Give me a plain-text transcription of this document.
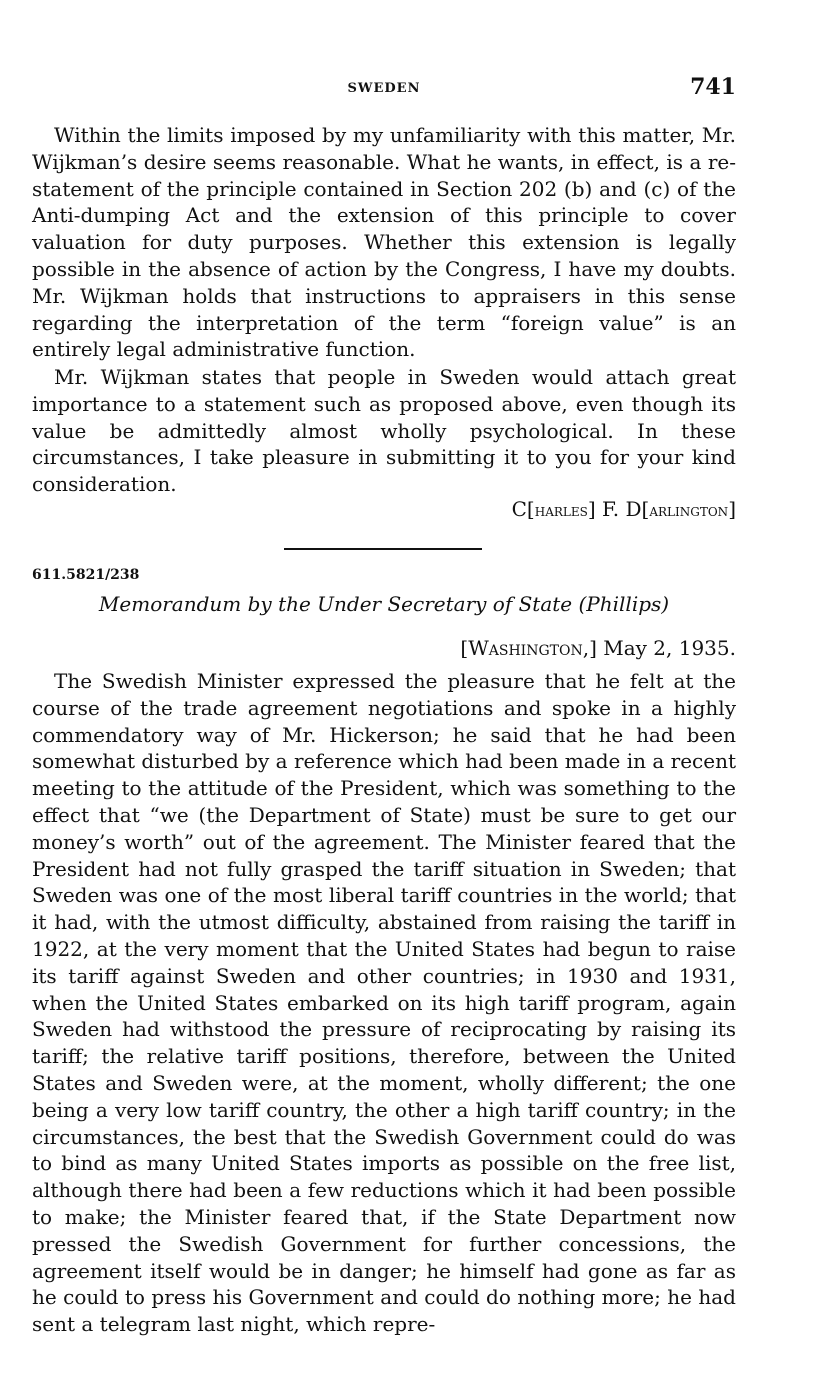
SWEDEN	741

Within the limits imposed by my unfamiliarity with this matter, Mr. Wijkman’s desire seems reasonable. What he wants, in effect, is a re-statement of the principle contained in Section 202 (b) and (c) of the Anti-dumping Act and the extension of this principle to cover valuation for duty purposes. Whether this extension is legally possible in the absence of action by the Congress, I have my doubts. Mr. Wijkman holds that instructions to appraisers in this sense regarding the interpretation of the term “foreign value” is an entirely legal administrative function.

Mr. Wijkman states that people in Sweden would attach great importance to a statement such as proposed above, even though its value be admittedly almost wholly psychological. In these circumstances, I take pleasure in submitting it to you for your kind consideration.

C[harles] F. D[arlington]
611.5821/238
Memorandum by the Under Secretary of State (Phillips)
[Washington,] May 2, 1935.

The Swedish Minister expressed the pleasure that he felt at the course of the trade agreement negotiations and spoke in a highly commendatory way of Mr. Hickerson; he said that he had been somewhat disturbed by a reference which had been made in a recent meeting to the attitude of the President, which was something to the effect that “we (the Department of State) must be sure to get our money’s worth” out of the agreement. The Minister feared that the President had not fully grasped the tariff situation in Sweden; that Sweden was one of the most liberal tariff countries in the world; that it had, with the utmost difficulty, abstained from raising the tariff in 1922, at the very moment that the United States had begun to raise its tariff against Sweden and other countries; in 1930 and 1931, when the United States embarked on its high tariff program, again Sweden had withstood the pressure of reciprocating by raising its tariff; the relative tariff positions, therefore, between the United States and Sweden were, at the moment, wholly different; the one being a very low tariff country, the other a high tariff country; in the circumstances, the best that the Swedish Government could do was to bind as many United States imports as possible on the free list, although there had been a few reductions which it had been possible to make; the Minister feared that, if the State Department now pressed the Swedish Government for further concessions, the agreement itself would be in danger; he himself had gone as far as he could to press his Government and could do nothing more; he had sent a telegram last night, which repre-
